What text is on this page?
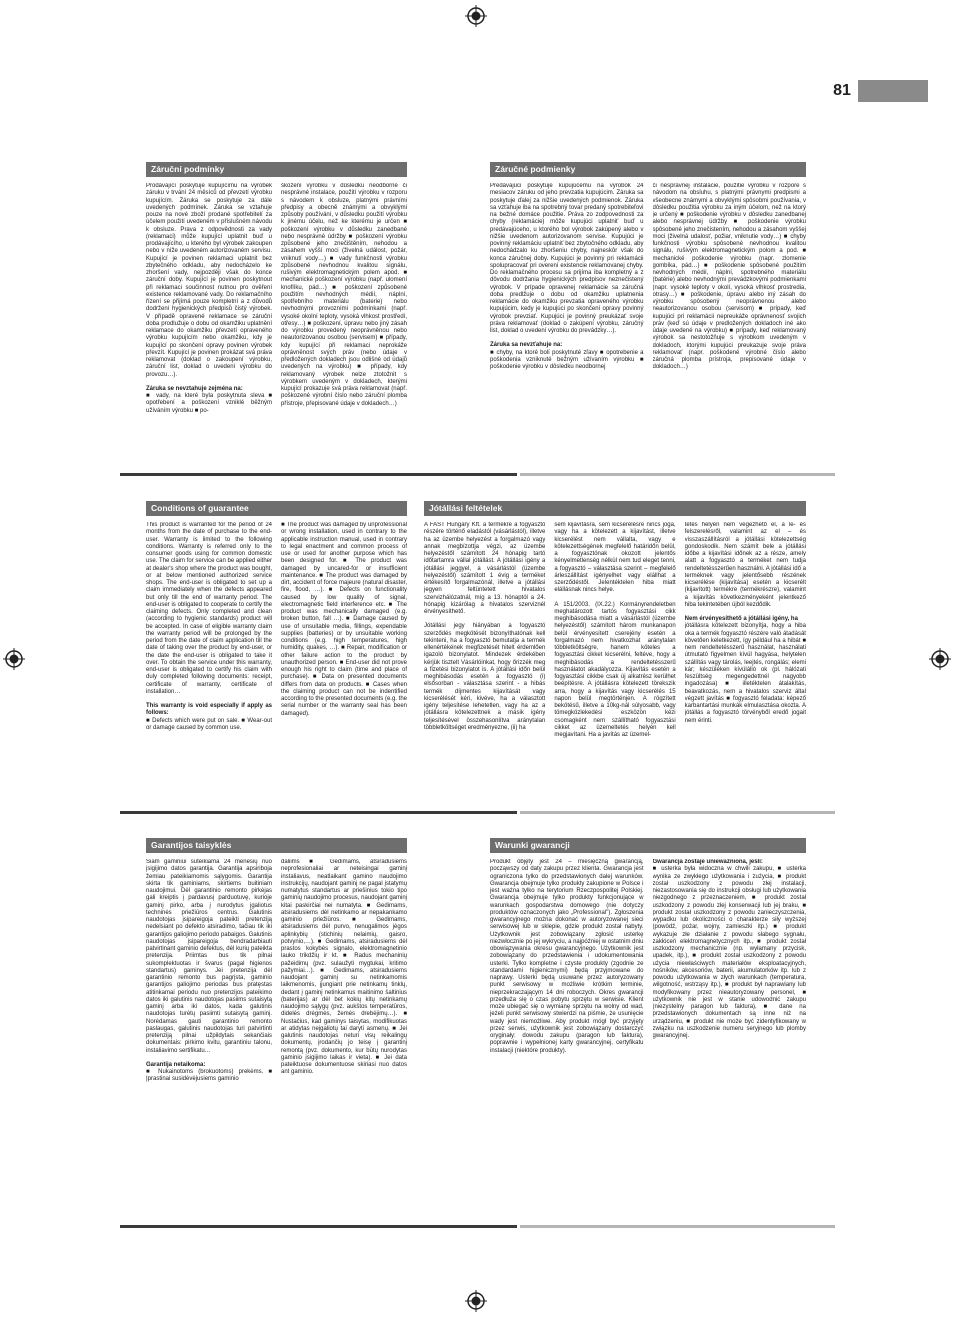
81
Záruční podmínky

Prodávající poskytuje kupujícímu na výrobek záruku v trvání 24 měsíců od převzetí výrobku kupujícím. Záruka se poskytuje za dále uvedených podmínek. Záruka se vztahuje pouze na nové zboží prodané spotřebitelí za účelem použití uvedeném v příslušném návodu k obsluze. Prava z odpovědnosti za vady (reklamaci) může kupující uplatnit buď u prodávajícího, u kterého byl výrobek zakoupen nebo v níže uvedeném autorizovaném servisu. Kupující je povinen reklamaci uplatnit bez zbytečného odkladu, aby nedocházelo ke zhoršení vady, nejpozději však do konce záruční doby. Kupující je povinen poskytnout při reklamaci součinnost nutnou pro ověření existence reklamované vady. Do reklamačního řízení se přijímá pouze kompletní a z důvodů dodržení hygienických předpisů čistý výrobek. V případě opravené reklamace se záruční doba prodlužuje o dobu od okamžiku uplatnění reklamace do okamžiku převzetí opraveného výrobku kupujícím nebo okamžiku, kdy je kupující po skončení opravy povinen výrobek převzít. Kupující je povinen prokázat svá práva reklamovat (doklad o zakoupení výrobku, záruční list, doklad o uvedení výrobku do provozu…).

Záruka se nevztahuje zejména na:

■ vady, na které byla poskytnuta sleva ■ opotřebení a poškození vzniklé běžným užíváním výrobku ■ po-

škození výrobku v důsledku neodborné či nesprávné instalace, použití výrobku v rozporu s návodem k obsluze, platnými právními předpisy a obecně známými a obvyklými způsoby používání, v důsledku použití výrobku k jinému účelu, než ke kterému je určen ■ poškození výrobku v důsledku zanedbané nebo nesprávné údržby ■ poškození výrobku způsobené jeho znečištěním, nehodou a zásahem vyšší moci (živelná událost, požár, vniknutí vody…) ■ vady funkčnosti výrobku způsobené nevhodnou kvalitou signálu, rušivým elektromagnetickým polem apod. ■ mechanické poškození výrobku (např. ulomení knoflíku, pád…) ■ poškození způsobené použitím nevhodných médií, náplní, spotřebního materiálu (baterie) nebo nevhodnými provozními podmínkami (např. vysoké okolní teploty, vysoká vlhkost prostředí, otřesy…) ■ poškození, úpravu nebo jiný zásah do výrobku provedený neoprávněnou nebo neautorizovanou osobou (servisem) ■ případy, kdy kupující při reklamaci neprokáže oprávněnost svých práv (nebo údaje v předložených dokladech jsou odlišné od údajů uvedených na výrobku) ■ případy, kdy reklamovaný výrobek nelze ztotožnit s výrobkem uvedeným v dokladech, kterými kupující prokazuje svá práva reklamovat (např. poškozené výrobní číslo nebo záruční plomba přístroje, přepisované údaje v dokladech…)

Záručné podmienky

Predávajúci poskytuje kupujúcemu na výrobok 24 mesiacov záruku od jeho prevzatia kupujúcim. Záruka sa poskytuje ďalej za nižšie uvedených podmienok. Záruka sa vzťahuje iba na spotrebný tovar predaný spotrebiteľovi na bežné domáce použitie. Práva zo zodpovednosti za chyby (reklamácie) môže kupujúci uplatniť buď u predávajúceho, u ktorého bol výrobok zakúpený alebo v nižšie uvedenom autorizovanom servise. Kupujúci je povinný reklamáciu uplatniť bez zbytočného odkladu, aby nedochádzalo ku zhoršeniu chyby, najneskôr však do konca záručnej doby. Kupujúci je povinný pri reklamácii spolupracovať pri overení existencie reklamovanej chyby. Do reklamačného procesu sa prijíma iba kompletný a z dôvodu dodržania hygienických predpisov neznečistený výrobok. V prípade opravenej reklamácie sa záručná doba predlžuje o dobu od okamžiku uplatnenia reklamácie do okamžiku prevzatia opraveného výrobku kupujúcim, kedy je kupujúci po skončení opravy povinný výrobok prevziať. Kupujúci je povinný preukázať svoje práva reklamovať (doklad o zakúpení výrobku, záručný list, doklad o uvedení výrobku do prevádzky…).

Záruka sa nevzťahuje na:

■ chyby, na ktoré bolí poskytnuté zľavy ■ opotrebenie a poškodenia vzniknuté bežným užívaním výrobku ■ poškodenie výrobku v dôsledku neodbornej

či nesprávnej inštalácie, použitie výrobku v rozpore s návodom na obsluhu, s platnými právnymi predpismi a všeobecne známymi a obvyklými spôsobmi používania, v dôsledku použitia výrobku za iným účelom, než na ktorý je určený ■ poškodenie výrobku v dôsledku zanedbanej alebo nesprávnej údržby ■ poškodenie výrobku spôsobené jeho znečistením, nehodou a zásahom vyššej moci (živelná udalosť, požiar, vniknutie vody…) ■ chyby funkčnosti výrobku spôsobené nevhodnou kvalitou signálu, rušivým elektromagnetickým polom a pod. ■ mechanické poškodenie výrobku (napr. zlomenie gombíka, pád…) ■ poškodenie spôsobené použitím nevhodných médií, náplní, spotrebného materiálu (batérie) alebo nevhodnými prevádzkovými podmienkami (napr. vysoké teploty v okolí, vysoká vlhkosť prostredia, otrasy…) ■ poškodenie, úpravu alebo iný zásah do výrobku spôsobený neoprávnenou alebo neautorizovanou osobou (servisom) ■ prípady, keď kupujúci pri reklamácii nepreukáže oprávnenosť svojich práv (keď sú údaje v predložených dokladoch iné ako údaje uvedené na výrobku) ■ prípady, keď reklamovaný výrobok sa nestotožňuje s výrobkom uvedeným v dokladoch, ktorými kupujúci preukazuje svoje práva reklamovať (napr. poškodené výrobné číslo alebo záručná plomba prístroja, prepisované údaje v dokladoch…)

Conditions of guarantee

This product is warranted for the period of 24 months from the date of purchase to the end-user. Warranty is limited to the following conditions. Warranty is referred only to the consumer goods using for common domestic use. The claim for service can be applied either at dealer's shop where the product was bought, or at below mentioned authorized service shops. The end-user is obligated to set up a claim immediately when the defects appeared but only till the end of warranty period. The end-user is obligated to cooperate to certify the claiming defects. Only completed and clean (according to hygienic standards) product will be accepted. In case of eligible warranty claim the warranty period will be prolonged by the period from the date of claim application till the date of taking over the product by end-user, or the date the end-user is obligated to take it over. To obtain the service under this warranty, end-user is obligated to certify his claim with duly completed following documents: receipt, certificate of warranty, certificate of installation…

This warranty is void especially if apply as follows:

■ Defects which were put on sale. ■ Wear-out or damage caused by common use.

■ The product was damaged by unprofessional or wrong installation, used in contrary to the applicable instruction manual, used in contrary to legal enactment and common process of use or used for another purpose which has been designed for. ■ The product was damaged by uncared-for or insufficient maintenance. ■ The product was damaged by dirt, accident of force majeure (natural disaster, fire, flood, …). ■ Defects on functionality caused by low quality of signal, electromagnetic field interference etc. ■ The product was mechanically damaged (e.g. broken button, fall …). ■ Damage caused by use of unsuitable media, fillings, expendable supplies (batteries) or by unsuitable working conditions (e.g. high temperatures, high humidity, quakes, …). ■ Repair, modification or other failure action to the product by unauthorized person. ■ End-user did not prove enough his right to claim (time and place of purchase). ■ Data on presented documents differs from data on products. ■ Cases when the claiming product can not be indentified according to the presented documents (e.g. the serial number or the warranty seal has been damaged).

Jótállási feltételek

A FAST Hungary Kft. a termékre a fogyasztó részére történő eladástól (vásárlástól), illetve ha az üzembe helyezést a forgalmazó vagy annak megbízottja végzi, az üzembe helyezéstől számított 24 hónapig tartó időtartamra vállal jótállást. A jótállási igény a jótállási jeggyel, a vásárlástól (üzembe helyezéstől) számított 1 évig a terméket értékesítő forgalmazónál, illetve a jótállási jegyen feltüntetett hivatalos szervizhálózatnál, míg a 13. hónaptól a 24. hónapig kizárólag a hivatalos szerviznél érvényesíthető.

Jótállási jegy hiányában a fogyasztó szerződés megkötését bizonyíthatónak kell tekinteni, ha a fogyasztó bemutatja a termék ellenértékének megfizetését hitelt érdemlően igazoló bizonylatot. Mindezek érdekében kérjük tisztelt Vásárlóinkat, hogy őrizzék meg a fizetési bizonylatot is. A jótállási időn belül meghibásodás esetén a fogyasztó (i) elsősorban - választása szerint - a hibás termék díjmentes kijavítását vagy kicserélését kéri, kivéve, ha a választott igény teljesítése lehetetlen, vagy ha az a jótállásra kötelezettnek a másik igény teljesítésével összehasonlítva aránytalan többletköltséget eredményezne, (ii) ha

sem kijavításra, sem kicserélésre nincs joga, vagy ha a kötelezett a kijavítást, illetve kicserélést nem vállalta, vagy e kötelezettségének megfelelő határidőn belül, a fogyasztónak okozott jelentős kényelmetlenség nélkül nem tud eleget tenni, a fogyasztó – választása szerint – megfelelő árleszállítást igényelhet vagy elállhat a szerződéstől. Jelentéktelen hiba miatt elállásnak nincs helye.

A 151/2003. (IX.22.) Kormányrendeletben meghatározott tartós fogyasztási cikk meghibásodása miatt a vásárlástól (üzembe helyezéstől) számított három munkanapon belül érvényesített cserejény esetén a forgalmazó nem hivatkozhat aránytalan többletköltségre, hanem köteles a fogyasztási cikket kicserélni, feltéve, hogy a meghibásodás a rendeltetésszerű használatot akadályozza. Kijavítás esetén a fogyasztási cikkbe csak új alkatrész kerülhet beépítésre. A jótállásra kötelezett törekszik arra, hogy a kijavítás vagy kicserélés 15 napon belül megtörténjen. A rögzített bekötésű, illetve a 10kg-nál súlyosabb, vagy tömegközlekedési eszközön kézi csomagként nem szállítható fogyasztási cikket az üzemeltetés helyén kell megjavítani. Ha a javítás az üzemel-

tetés helyén nem végezhető el, a le- és felszerelésről, valamint az el – és visszaszállításról a jótállási kötelezettség gondoskodik. Nem számít bele a jótállási időbe a kijavítási időnek az a része, amely alatt a fogyasztó a terméket nem tudja rendeltetésszerűen használni. A jótállási idő a terméknek vagy jelentősebb részének kicserélése (kijavítása) esetén a kicserélt (kijavított) termékre (termékrészre), valamint a kijavítás következményeként jelentkező hiba tekintetében újból kezdődik.

Nem érvényesíthető a jótállási igény, ha

jótállásra kötelezett bizonyítja, hogy a hiba oka a termék fogyasztó részére való átadását követően keletkezett, így például ha a hibát ■ nem rendeltetésszerű használat, használati útmutató figyelmen kívül hagyása, helytelen szállítás vagy tárolás, leejtés, rongálás; elemi kár; készüléken kívülálló ok (pl. hálózati feszültség megengedettnél nagyobb ingadozása) ■ illetéktelen átalakítás, beavatkozás, nem a hivatalos szerviz által végzett javítás ■ fogyasztó feladata: képező karbantartási munkák elmulasztása okozta. A jótállás a fogyasztó törvényből eredő jogait nem érinti.

Garantijos taisyklės

Šiam gaminiui suteikiama 24 mėnesių nuo įsigijimo datos garantija. Garantija apsiriboja žemiau pateikiamomis sąlygomis. Garantija skirta tik gaminiams, skirtiems buitiniam naudojimui. Dėl garantinio remonto pirkėjas gali kreiptis į pardavusį parduotuvę, kurioje gaminį pirko, arba į nurodytus įgaliotus techninės priežiūros centrus. Galutinis naudotojas įsipareigoja pateikti pretenziją nedelsiant po defekto atsiradimo, tačiau tik iki garantijos galiojimo periodo pabaigos. Galutinis naudotojas įsipareigoja bendradarbiauti patvirtinant gaminio defektus, dėl kurių pateikta pretenzija. Priimtas bus tik pilnai sukomplektuotas ir švarus (pagal higienos standartus) gaminys. Jei pretenzija dėl garantinio remonto bus pagrįsta, gaminio garantijos galiojimo periodas bus pratęstas atitinkamai periodu nuo pretenzijos pateikimo datos iki galutinis naudotojas pasiims sutaisytą gaminį arba iki datos, kada galutinis naudotojas turėtų pasiimti sutaisytą gaminį. Norėdamas gauti garantinio remonto paslaugas, galutinis naudotojas turi patvirtinti pretenziją pilnai užpildytais sekančiais dokumentais: pirkimo kvitu, garantiniu talonu, instaliavimo sertifikatu…

Garantija netaikoma:

■ Nukainotoms (brokuotoms) prekėms. ■ Įprastinai susidėvėjusiems gaminio

daliims ■ Gedimams, atsiradusiems neprofesionaliai ar neteisingai gaminį instaliavus, neatlaikant gamino naudojimo instrukcijų, naudojant gaminį ne pagal įstatymų numatytus standartus ar priešinius tokio tipo gaminių naudojimo procesus, naudojant gaminį kitai paskirčiai nei numatyta. ■ Gedimams, atsiradusiems dėl netinkamo ar nepakankamo gaminio priežiūros. ■ Gedimams, atsiradusiems dėl purvo, nenugalimos jėgos aplinkybių (stichinių nelaimių, gaisro, potvynio,…). ■ Gedimams, atsiradusiems dėl prastos kokybės signalo, elektromagnetinio lauko trikdžių ir kt. ■ Radus mechaninių pažeidimų (pvz. sulaužyti mygtukai, kritimo pažymiai…). ■ Gedimams, atsiradusiems naudojant gaminį su netinkamomis laikmenomis, įjungiant prie netinkamų tinklų, dedant į gaminį netinkamus maitinimo šaltinius (baterijas) ar dėl bet kokių kitų netinkamų naudojimo sąlygų (pvz. aukštos temperatūros, didelės drėgmės, žemės drebėjimų…). ■ Nustačius, kad gaminys taisytas, modifikuotas ar atidytas neįgaliotų tai daryti asmenų. ■ Jei galutinis naudotojas neturi visų reikalingų dokumentų, įrodančių jo teisę į garantinį remontą (pvz. dokumento, kur būtų nurodytas gaminio įsigijimo laikas ir vieta). ■ Jei data pateiktuose dokumentuose skiriasi nuo datos ant gaminio.

Warunki gwarancji

Produkt objęty jest 24 – miesięczną gwarancją, począwszy od daty zakupu przez klienta. Gwarancja jest ograniczona tylko do przedstawionych dalej warunków. Gwarancja obejmuje tylko produkty zakupione w Polsce i jest ważna tylko na terytorium Rzeczpospolitej Polskiej. Gwarancja obejmuje tylko produkty funkcjonujące w warunkach gospodarstwa domowego (nie dotyczy produktów oznaczonych jako „Professional"). Zgłoszenia gwarancyjnego można dokonać w autoryzowanej sieci serwisowej lub w sklepie, gdzie produkt został nabyty. Użytkownik jest zobowiązany zgłosić usterkę niezwłocznie po jej wykryciu, a najpóźniej w ostatnim dniu obowiązywania okresu gwarancyjnego. Użytkownik jest zobowiązany do przedstawienia i udokumentowania usterki. Tylko kompletne i czyste produkty (zgodnie ze standardami higienicznymi) będą przyjmowane do naprawy. Usterki będą usuwane przez autoryzowany punkt serwisowy w możliwie krótkim terminie, nieprzekraczającym 14 dni roboczych. Okres gwarancji przedłuża się o czas pobytu sprzętu w serwisie. Klient może ubiegać się o wymianę sprzętu na wolny od wad, jeżeli punkt serwisowy stwierdzi na piśmie, że usunięcie wady jest niemożliwe. Aby produkt mógł być przyjęty przez serwis, użytkownik jest zobowiązany dostarczyć oryginały: dowodu zakupu (paragon lub faktura), poprawnie i wypełnionej karty gwarancyjnej, certyfikatu instalacji (niektóre produkty).

Gwarancja zostaje unieważniona, jeśli:

■ usterka była widoczna w chwili zakupu, ■ usterka wynika ze zwykłego użytkowania i zużycia, ■ produkt został uszkodzony z powodu złej instalacji, niezastosowania się do instrukcji obsługi lub użytkowania niezgodnego z przeznaczeniem, ■ produkt został uszkodzony z powodu złej konserwacji lub jej braku, ■ produkt został uszkodzony z powodu zanieczyszczenia, wypadku lub okoliczności o charakterze siły wyższej (powódź, pożar, wojny, zamieszki itp.) ■ produkt wykazuje złe działanie z powodu słabego sygnału, zakłóceń elektromagnetycznych itp., ■ produkt został uszkodzony mechanicznie (np. wyłamany przycisk, upadek, itp.), ■ produkt został uszkodzony z powodu użycia niewłaściwych materiałów eksploatacyjnych, nośników, akcesoriów, baterii, akumulatorków itp. lub z powodu użytkowania w złych warunkach (temperatura, wilgotność, wstrząsy itp.), ■ produkt był naprawiany lub modyfikowany przez nieautoryzowany personel, ■ użytkownik nie jest w stanie udowodnić zakupu (niezystelny paragon lub faktura), ■ dane na przedstawionych dokumentach są inne niż na urządzeniu, ■ produkt nie może być zidentyfikowany w związku na uszkodzenie numeru seryjnego lub plomby gwarancyjnej.
